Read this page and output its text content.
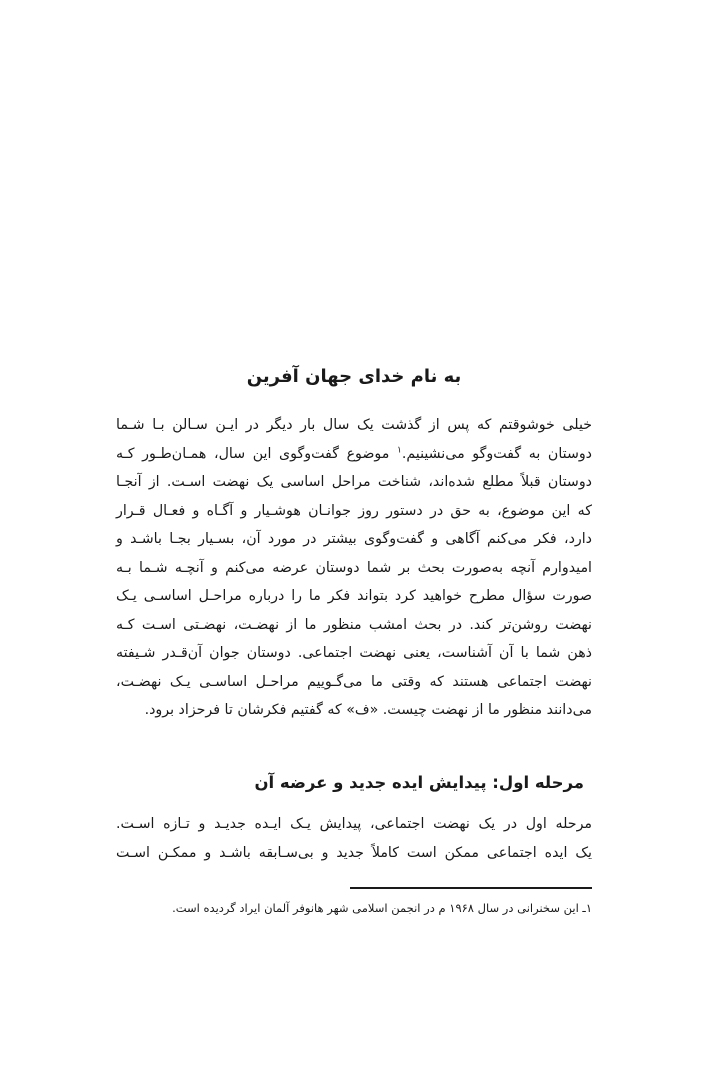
به نام خدای جهان آفرین
خیلی خوشوقتم که پس از گذشت یک سال بار دیگر در ایـن سـالن بـا شـما
دوستان به گفت‌وگو می‌نشینیم.$^۱$ موضوع گفت‌وگوی این سال، همـان‌طـور کـه
دوستان قبلاً مطلع شده‌اند، شناخت مراحل اساسی یک نهضت اسـت. از آنجـا
که این موضوع، به حق در دستور روز جوانـان هوشـیار و آگـاه و فعـال قـرار
دارد، فکر می‌کنم آگاهی و گفت‌وگوی بیشتر در مورد آن، بسـیار بجـا باشـد و
امیدوارم آنچه به‌صورت بحث بر شما دوستان عرضه می‌کنم و آنچـه شـما بـه
صورت سؤال مطرح خواهید کرد بتواند فکر ما را درباره مراحـل اساسـی یـک
نهضت روشن‌تر کند. در بحث امشب منظور ما از نهضـت، نهضـتی اسـت کـه
ذهن شما با آن آشناست، یعنی نهضت اجتماعی. دوستان جوان آن‌قـدر شـیفته
نهضت اجتماعی هستند که وقتی ما می‌گـوییم مراحـل اساسـی یـک نهضـت،
می‌دانند منظور ما از نهضت چیست. «ف» که گفتیم فکرشان تا فرحزاد برود.
مرحله اول: پیدایش ایده جدید و عرضه آن
مرحله اول در یک نهضت اجتماعی، پیدایش یـک ایـده جدیـد و تـازه اسـت.
یک ایده اجتماعی ممکن است کاملاً جدید و بی‌سـابقه باشـد و ممکـن اسـت
۱ـ این سخنرانی در سال ۱۹۶۸ م در انجمن اسلامی شهر هانوفر آلمان ایراد گردیده است.
